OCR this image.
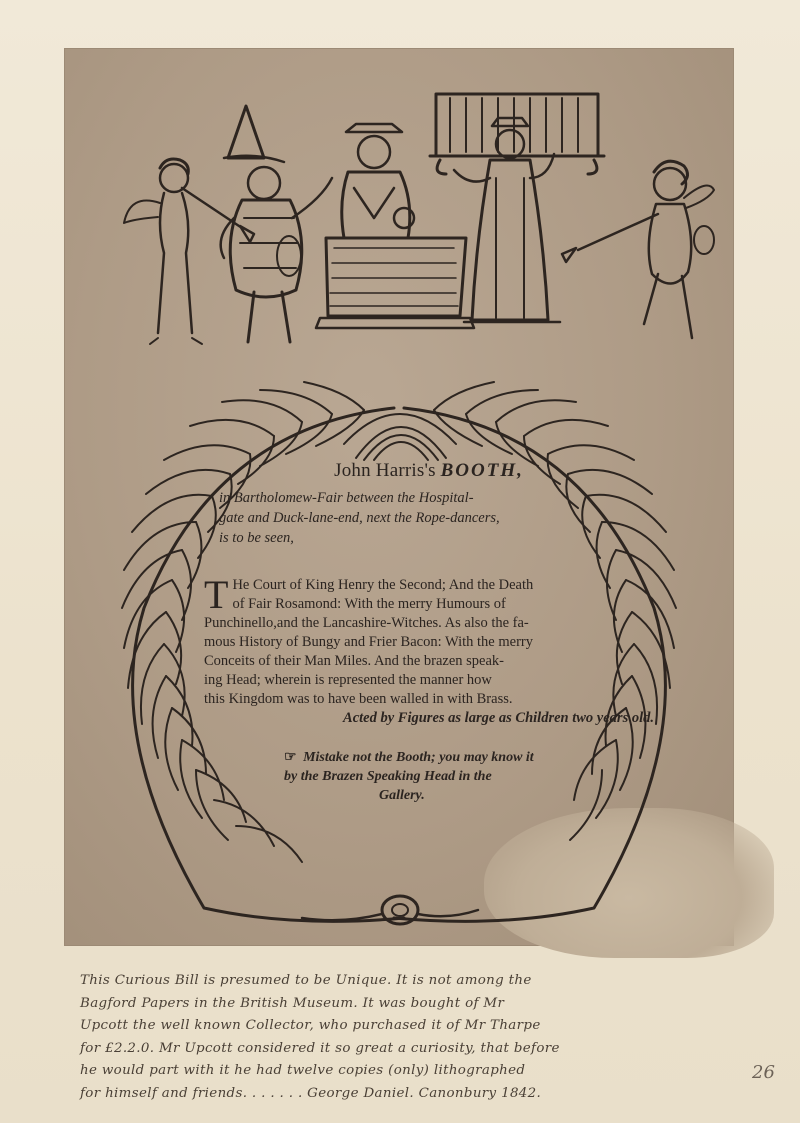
John Harris's BOOTH,
in Bartholomew-Fair between the Hospital-
gate and Duck-lane-end, next the Rope-dancers,
is to be seen,
T He Court of King Henry the Second; And the Death
of Fair Rosamond: With the merry Humours of
Punchinello,and the Lancashire-Witches. As also the fa-
mous History of Bungy and Frier Bacon: With the merry
Conceits of their Man Miles. And the brazen speak-
ing Head; wherein is represented the manner how
this Kingdom was to have been walled in with Brass.
Acted by Figures as large as Children two years old.
☞ Mistake not the Booth; you may know it
by the Brazen Speaking Head in the
Gallery.
This Curious Bill is presumed to be Unique. It is not among the
Bagford Papers in the British Museum. It was bought of Mr
Upcott the well known Collector, who purchased it of Mr Tharpe
for £2.2.0. Mr Upcott considered it so great a curiosity, that before
he would part with it he had twelve copies (only) lithographed
for himself and friends. . . . . . . George Daniel. Canonbury 1842.
26
